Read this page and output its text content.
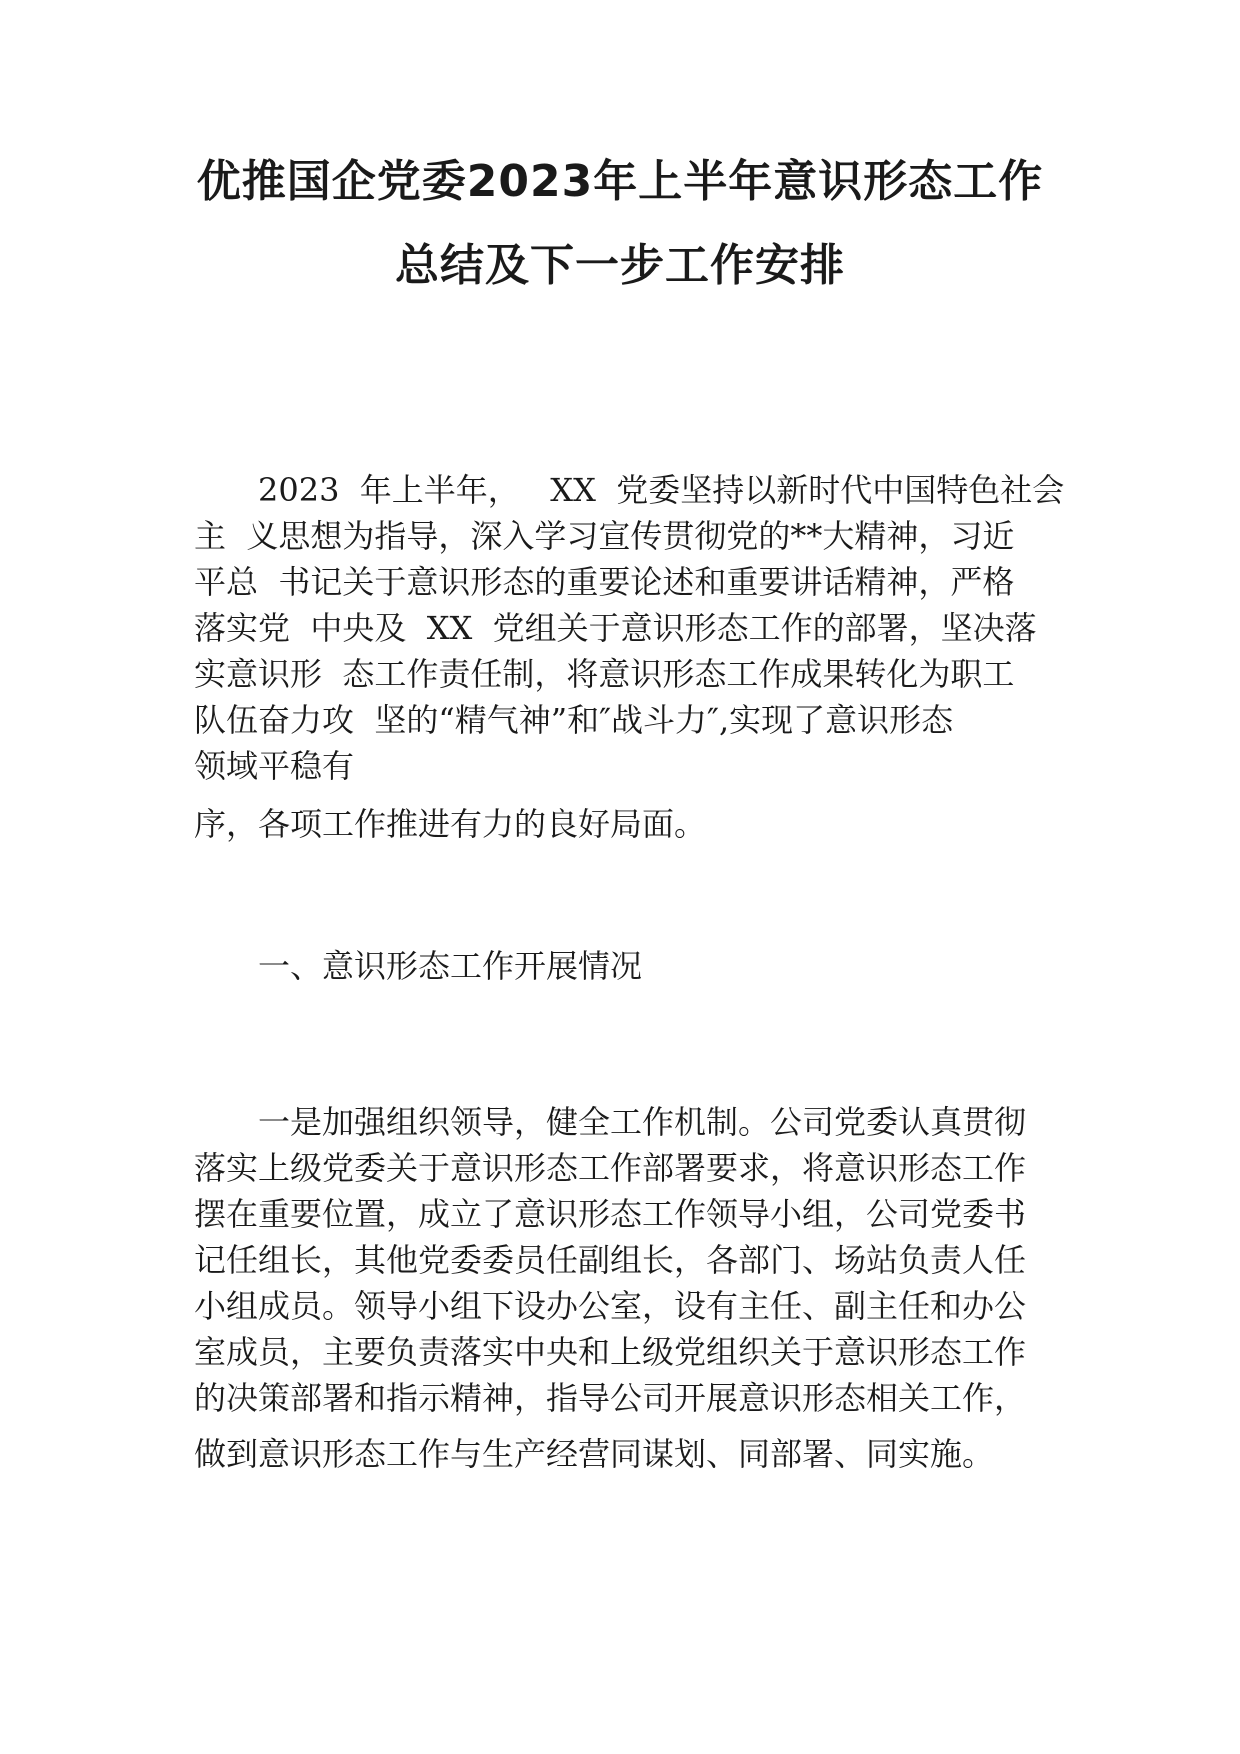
优推国企党委2023年上半年意识形态工作
总结及下一步工作安排
2023  年上半年，   XX  党委坚持以新时代中国特色社会
主  义思想为指导，深入学习宣传贯彻党的**大精神，习近
平总  书记关于意识形态的重要论述和重要讲话精神，严格
落实党  中央及  XX  党组关于意识形态工作的部署，坚决落
实意识形  态工作责任制，将意识形态工作成果转化为职工
队伍奋力攻  坚的“精气神”和″战斗力″,实现了意识形态
领域平稳有
序，各项工作推进有力的良好局面。
一、意识形态工作开展情况
一是加强组织领导，健全工作机制。公司党委认真贯彻
落实上级党委关于意识形态工作部署要求，将意识形态工作
摆在重要位置，成立了意识形态工作领导小组，公司党委书
记任组长，其他党委委员任副组长，各部门、场站负责人任
小组成员。领导小组下设办公室，设有主任、副主任和办公
室成员，主要负责落实中央和上级党组织关于意识形态工作
的决策部署和指示精神，指导公司开展意识形态相关工作，
做到意识形态工作与生产经营同谋划、同部署、同实施。
